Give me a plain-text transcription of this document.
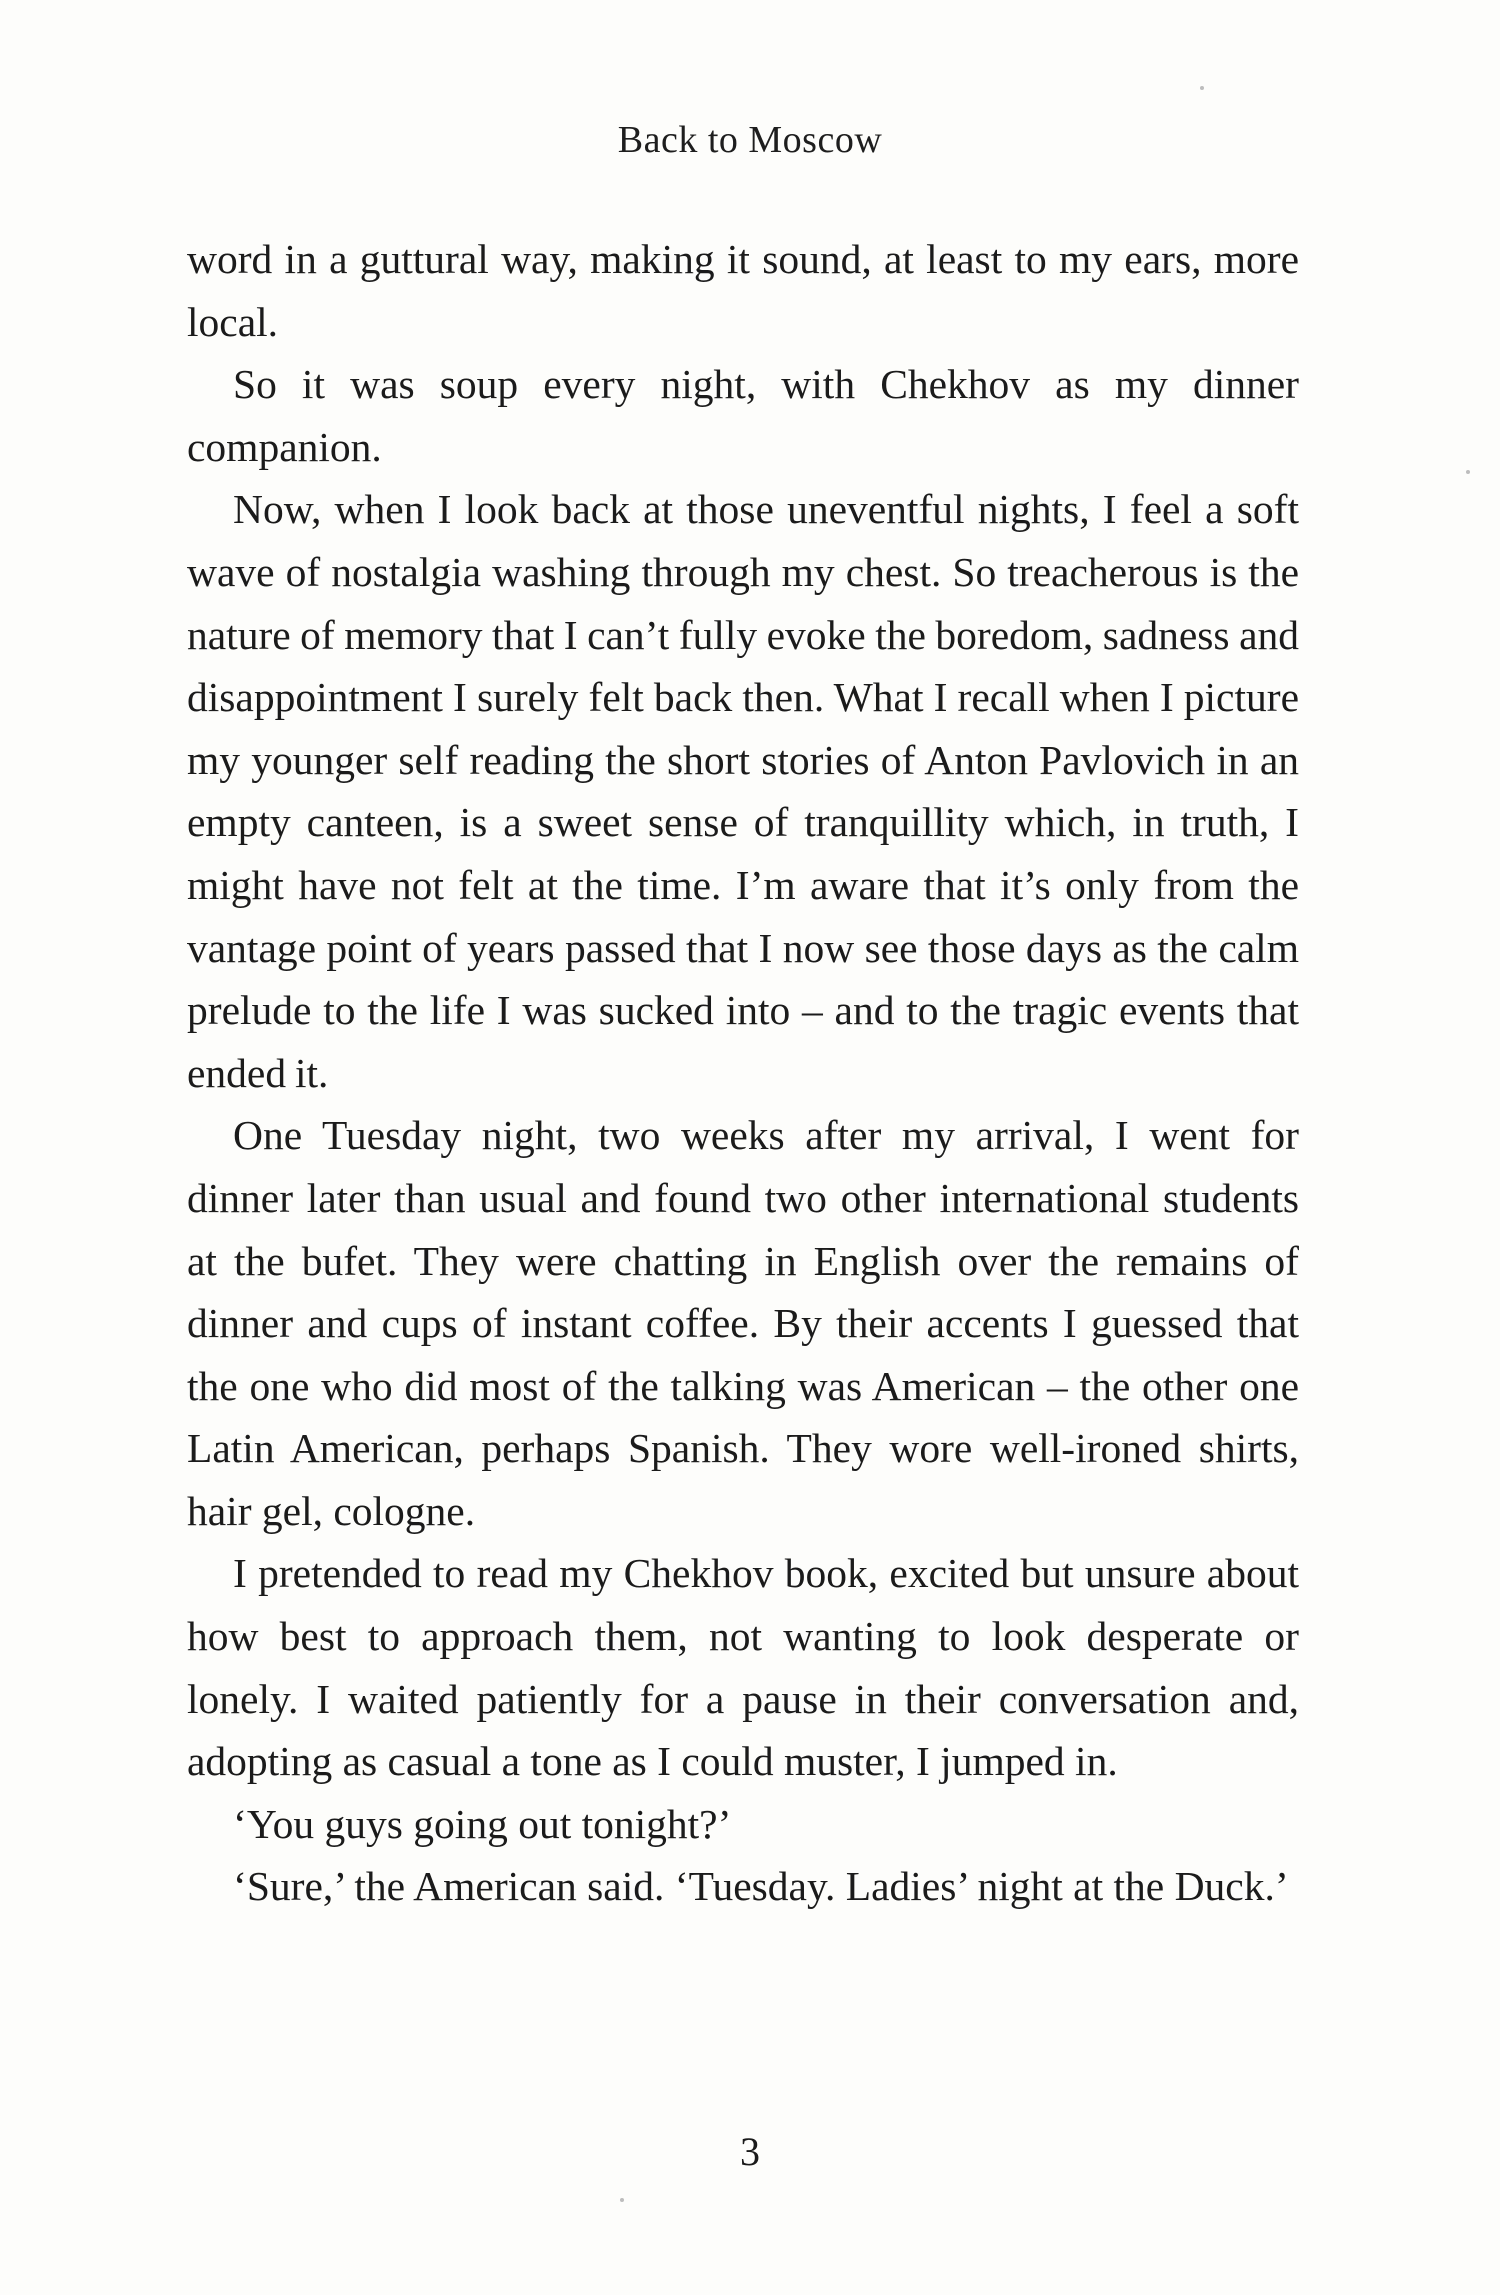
Back to Moscow

word in a guttural way, making it sound, at least to my ears, more local.

So it was soup every night, with Chekhov as my dinner companion.

Now, when I look back at those uneventful nights, I feel a soft wave of nostalgia washing through my chest. So treacherous is the nature of memory that I can’t fully evoke the boredom, sadness and disappointment I surely felt back then. What I recall when I picture my younger self reading the short stories of Anton Pavlovich in an empty canteen, is a sweet sense of tranquillity which, in truth, I might have not felt at the time. I’m aware that it’s only from the vantage point of years passed that I now see those days as the calm prelude to the life I was sucked into – and to the tragic events that ended it.

One Tuesday night, two weeks after my arrival, I went for dinner later than usual and found two other international students at the bufet. They were chatting in English over the remains of dinner and cups of instant coffee. By their accents I guessed that the one who did most of the talking was American – the other one Latin American, perhaps Spanish. They wore well-ironed shirts, hair gel, cologne.

I pretended to read my Chekhov book, excited but unsure about how best to approach them, not wanting to look desperate or lonely. I waited patiently for a pause in their conversation and, adopting as casual a tone as I could muster, I jumped in.

‘You guys going out tonight?’

‘Sure,’ the American said. ‘Tuesday. Ladies’ night at the Duck.’

3
